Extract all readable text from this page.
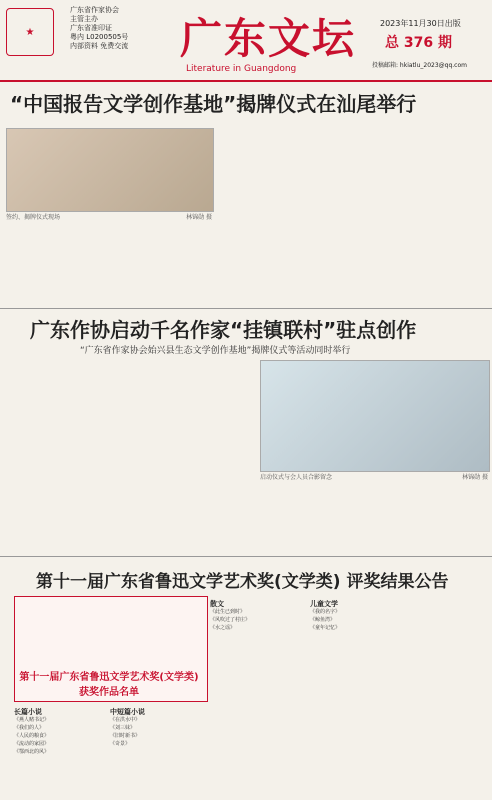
★
广东省作家协会
主管主办
广东省准印证
粤内 L0200505号
内部资料 免费交流	广东文坛
Literature in Guangdong
2023年11月30日出版
总 376 期
投稿邮箱: hkiatlu_2023@qq.com
“中国报告文学创作基地”揭牌仪式在汕尾举行
签约、揭牌仪式现场	林锦勋 摄
广东作协启动千名作家“挂镇联村”驻点创作
“广东省作家协会始兴县生态文学创作基地”揭牌仪式等活动同时举行
启动仪式与会人员合影留念	林锦勋 摄
第十一届广东省鲁迅文学艺术奖(文学类) 评奖结果公告
第十一届广东省鲁迅文学艺术奖(文学类)获奖作品名单
长篇小说
《燕人赌书记》
《我们的人》
《人民的粮食》
《流动的家园》
《鄂西北的风》
中短篇小说
《在洪水中》
《刘三妹》
《旧时新书》
《奇景》
散文
《此生已到时》
《风吹过了村庄》
《水之谣》
儿童文学
《我的名字》
《鲸鱼湾》
《童年记忆》
